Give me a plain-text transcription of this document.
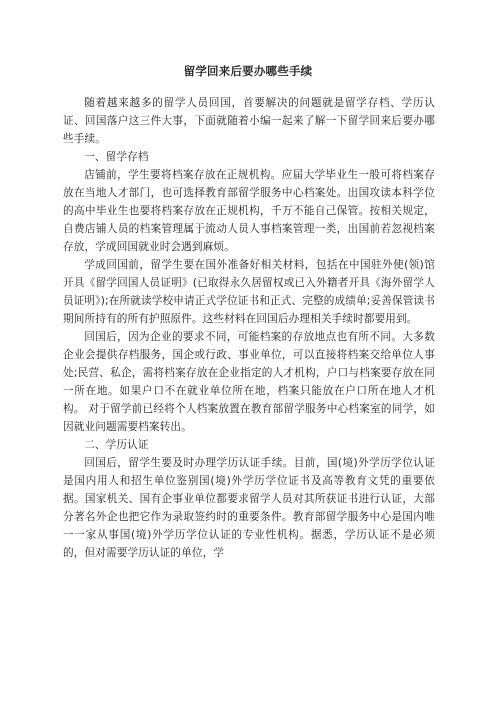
留学回来后要办哪些手续

随着越来越多的留学人员回国，首要解决的问题就是留学存档、学历认证、回国落户这三件大事，下面就随着小编一起来了解一下留学回来后要办哪些手续。

一、留学存档

店铺前，学生要将档案存放在正规机构。应届大学毕业生一般可将档案存放在当地人才部门，也可选择教育部留学服务中心档案处。出国攻读本科学位的高中毕业生也要将档案存放在正规机构，千万不能自己保管。按相关规定，自费店铺人员的档案管理属于流动人员人事档案管理一类，出国前若忽视档案存放，学成回国就业时会遇到麻烦。

学成回国前，留学生要在国外准备好相关材料，包括在中国驻外使(领)馆开具《留学回国人员证明》(已取得永久居留权或已入外籍者开具《海外留学人员证明》);在所就读学校申请正式学位证书和正式、完整的成绩单;妥善保管读书期间所持有的所有护照原件。这些材料在回国后办理相关手续时都要用到。

回国后，因为企业的要求不同，可能档案的存放地点也有所不同。大多数企业会提供存档服务，国企或行政、事业单位，可以直接将档案交给单位人事处;民营、私企，需将档案存放在企业指定的人才机构，户口与档案要存放在同一所在地。如果户口不在就业单位所在地，档案只能放在户口所在地人才机构。 对于留学前已经将个人档案放置在教育部留学服务中心档案室的同学，如因就业问题需要档案转出。

二、学历认证

回国后，留学生要及时办理学历认证手续。目前，国(境)外学历学位认证是国内用人和招生单位鉴别国(境)外学历学位证书及高等教育文凭的重要依据。国家机关、国有企事业单位都要求留学人员对其所获证书进行认证，大部分著名外企也把它作为录取签约时的重要条件。教育部留学服务中心是国内唯一一家从事国(境)外学历学位认证的专业性机构。据悉，学历认证不是必须的，但对需要学历认证的单位，学
